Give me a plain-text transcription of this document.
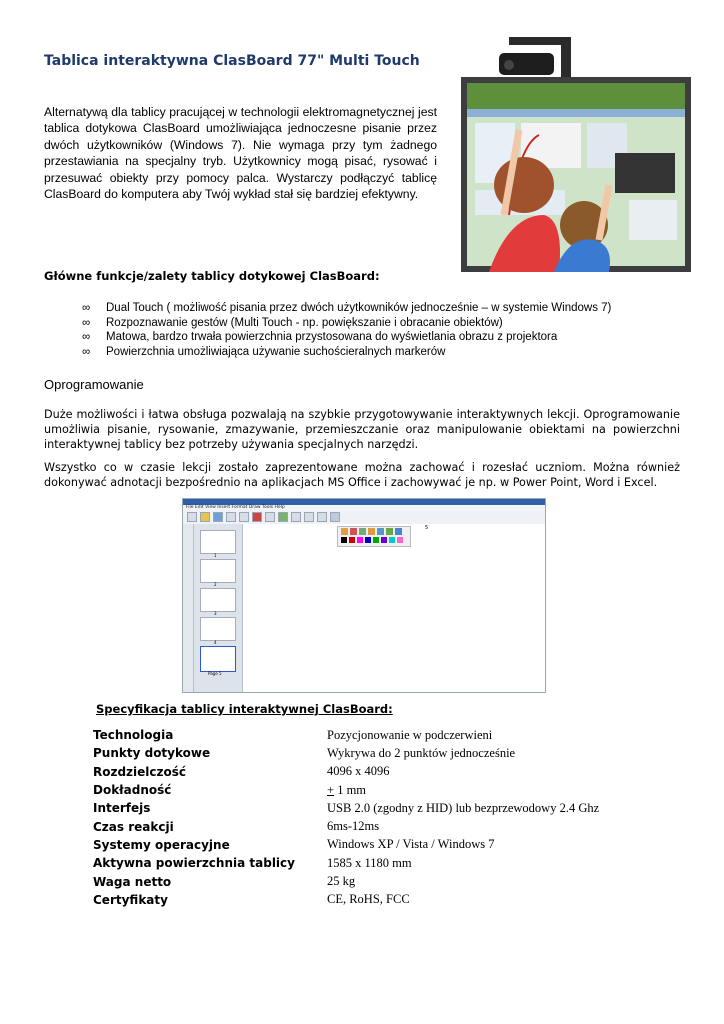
Tablica interaktywna ClasBoard 77" Multi Touch
Alternatywą dla tablicy pracującej w technologii elektromagnetycznej jest tablica dotykowa ClasBoard umożliwiająca jednoczesne pisanie przez dwóch użytkowników (Windows 7). Nie wymaga przy tym żadnego przestawiania na specjalny tryb. Użytkownicy mogą pisać, rysować i przesuwać obiekty przy pomocy palca. Wystarczy podłączyć tablicę ClasBoard do komputera aby Twój wykład stał się bardziej efektywny.
Główne funkcje/zalety tablicy dotykowej ClasBoard:
∞ Dual Touch ( możliwość pisania przez dwóch użytkowników jednocześnie – w systemie Windows 7)
∞ Rozpoznawanie gestów (Multi Touch - np. powiększanie i obracanie obiektów)
∞ Matowa, bardzo trwała powierzchnia przystosowana do wyświetlania obrazu z projektora
∞ Powierzchnia umożliwiająca używanie suchościeralnych markerów
Oprogramowanie
Duże możliwości i łatwa obsługa pozwalają na szybkie przygotowywanie interaktywnych lekcji. Oprogramowanie umożliwia pisanie, rysowanie, zmazywanie, przemieszczanie oraz manipulowanie obiektami na powierzchni interaktywnej tablicy bez potrzeby używania specjalnych narzędzi.
Wszystko co w czasie lekcji zostało zaprezentowane można zachować i rozesłać uczniom. Można również dokonywać adnotacji bezpośrednio na aplikacjach MS Office i zachowywać je np. w Power Point, Word i Excel.
File Edit View Insert Format Draw Tools Help
1
2
3
4
Page 5
5
Specyfikacja tablicy interaktywnej ClasBoard:
Technologia	Pozycjonowanie w podczerwieni
Punkty dotykowe	Wykrywa do 2 punktów jednocześnie
Rozdzielczość	4096 x 4096
Dokładność	+ 1 mm
Interfejs	USB 2.0 (zgodny z HID) lub bezprzewodowy 2.4 Ghz
Czas reakcji	6ms-12ms
Systemy operacyjne	Windows XP / Vista / Windows 7
Aktywna powierzchnia tablicy	1585 x 1180 mm
Waga netto	25 kg
Certyfikaty	CE, RoHS, FCC
